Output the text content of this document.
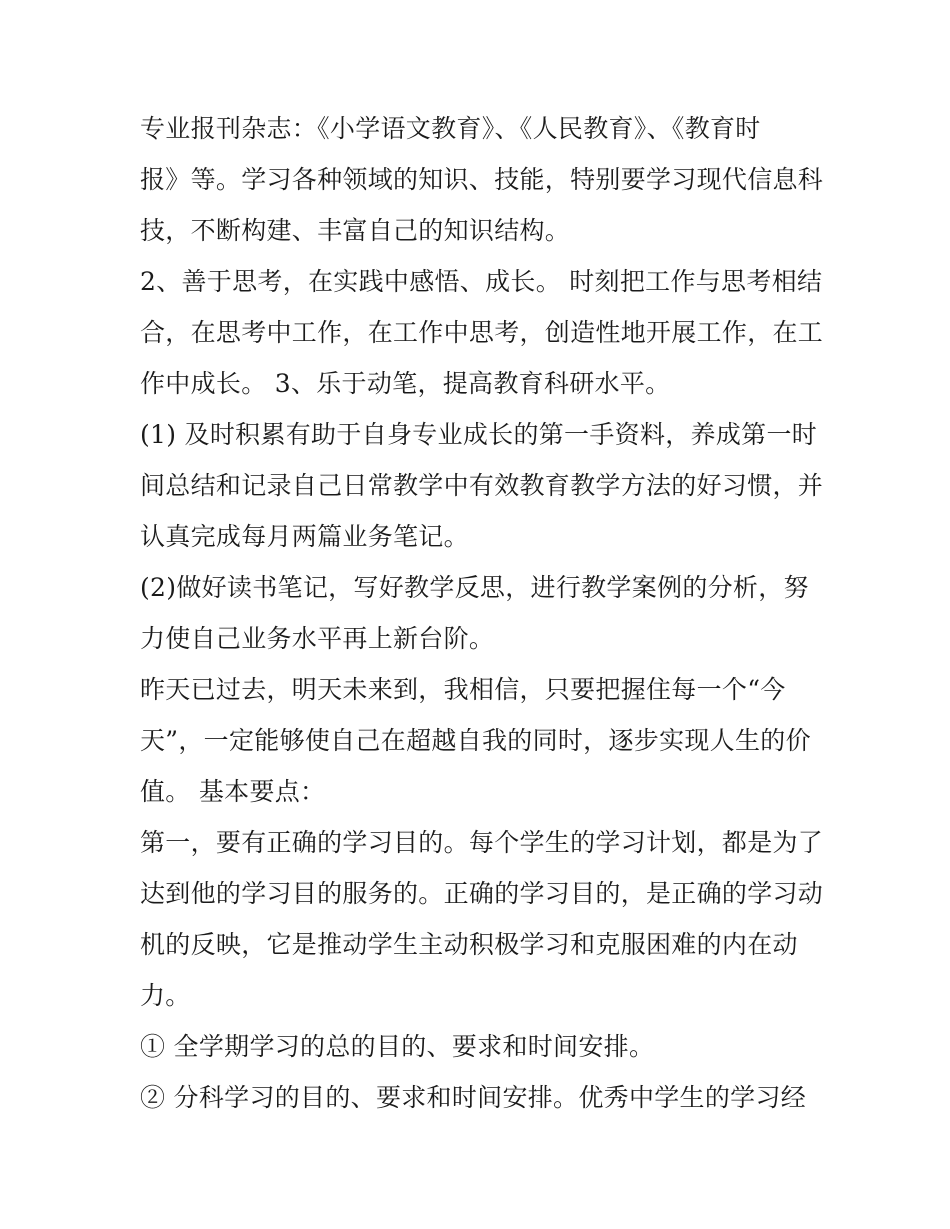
专业报刊杂志：《小学语文教育》、《人民教育》、《教育时
报》等。学习各种领域的知识、技能，特别要学习现代信息科
技，不断构建、丰富自己的知识结构。
2、善于思考，在实践中感悟、成长。 时刻把工作与思考相结
合，在思考中工作，在工作中思考，创造性地开展工作，在工
作中成长。 3、乐于动笔，提高教育科研水平。
(1) 及时积累有助于自身专业成长的第一手资料，养成第一时
间总结和记录自己日常教学中有效教育教学方法的好习惯，并
认真完成每月两篇业务笔记。
(2)做好读书笔记，写好教学反思，进行教学案例的分析，努
力使自己业务水平再上新台阶。
昨天已过去，明天未来到，我相信，只要把握住每一个“今
天”，一定能够使自己在超越自我的同时，逐步实现人生的价
值。 基本要点：
第一，要有正确的学习目的。每个学生的学习计划，都是为了
达到他的学习目的服务的。正确的学习目的，是正确的学习动
机的反映，它是推动学生主动积极学习和克服困难的内在动
力。
① 全学期学习的总的目的、要求和时间安排。
② 分科学习的目的、要求和时间安排。优秀中学生的学习经
